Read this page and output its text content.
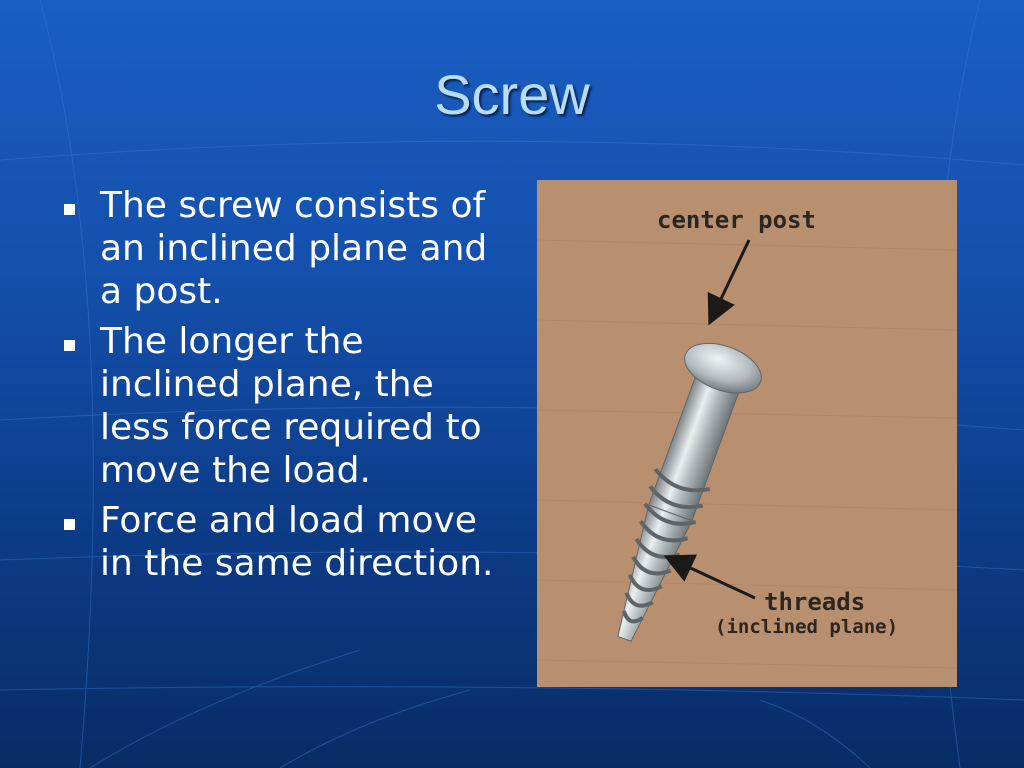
Screw
The screw consists of an inclined plane and a post.
The longer the inclined plane, the less force required to move the load.
Force and load move in the same direction.
center post
threads
(inclined plane)
